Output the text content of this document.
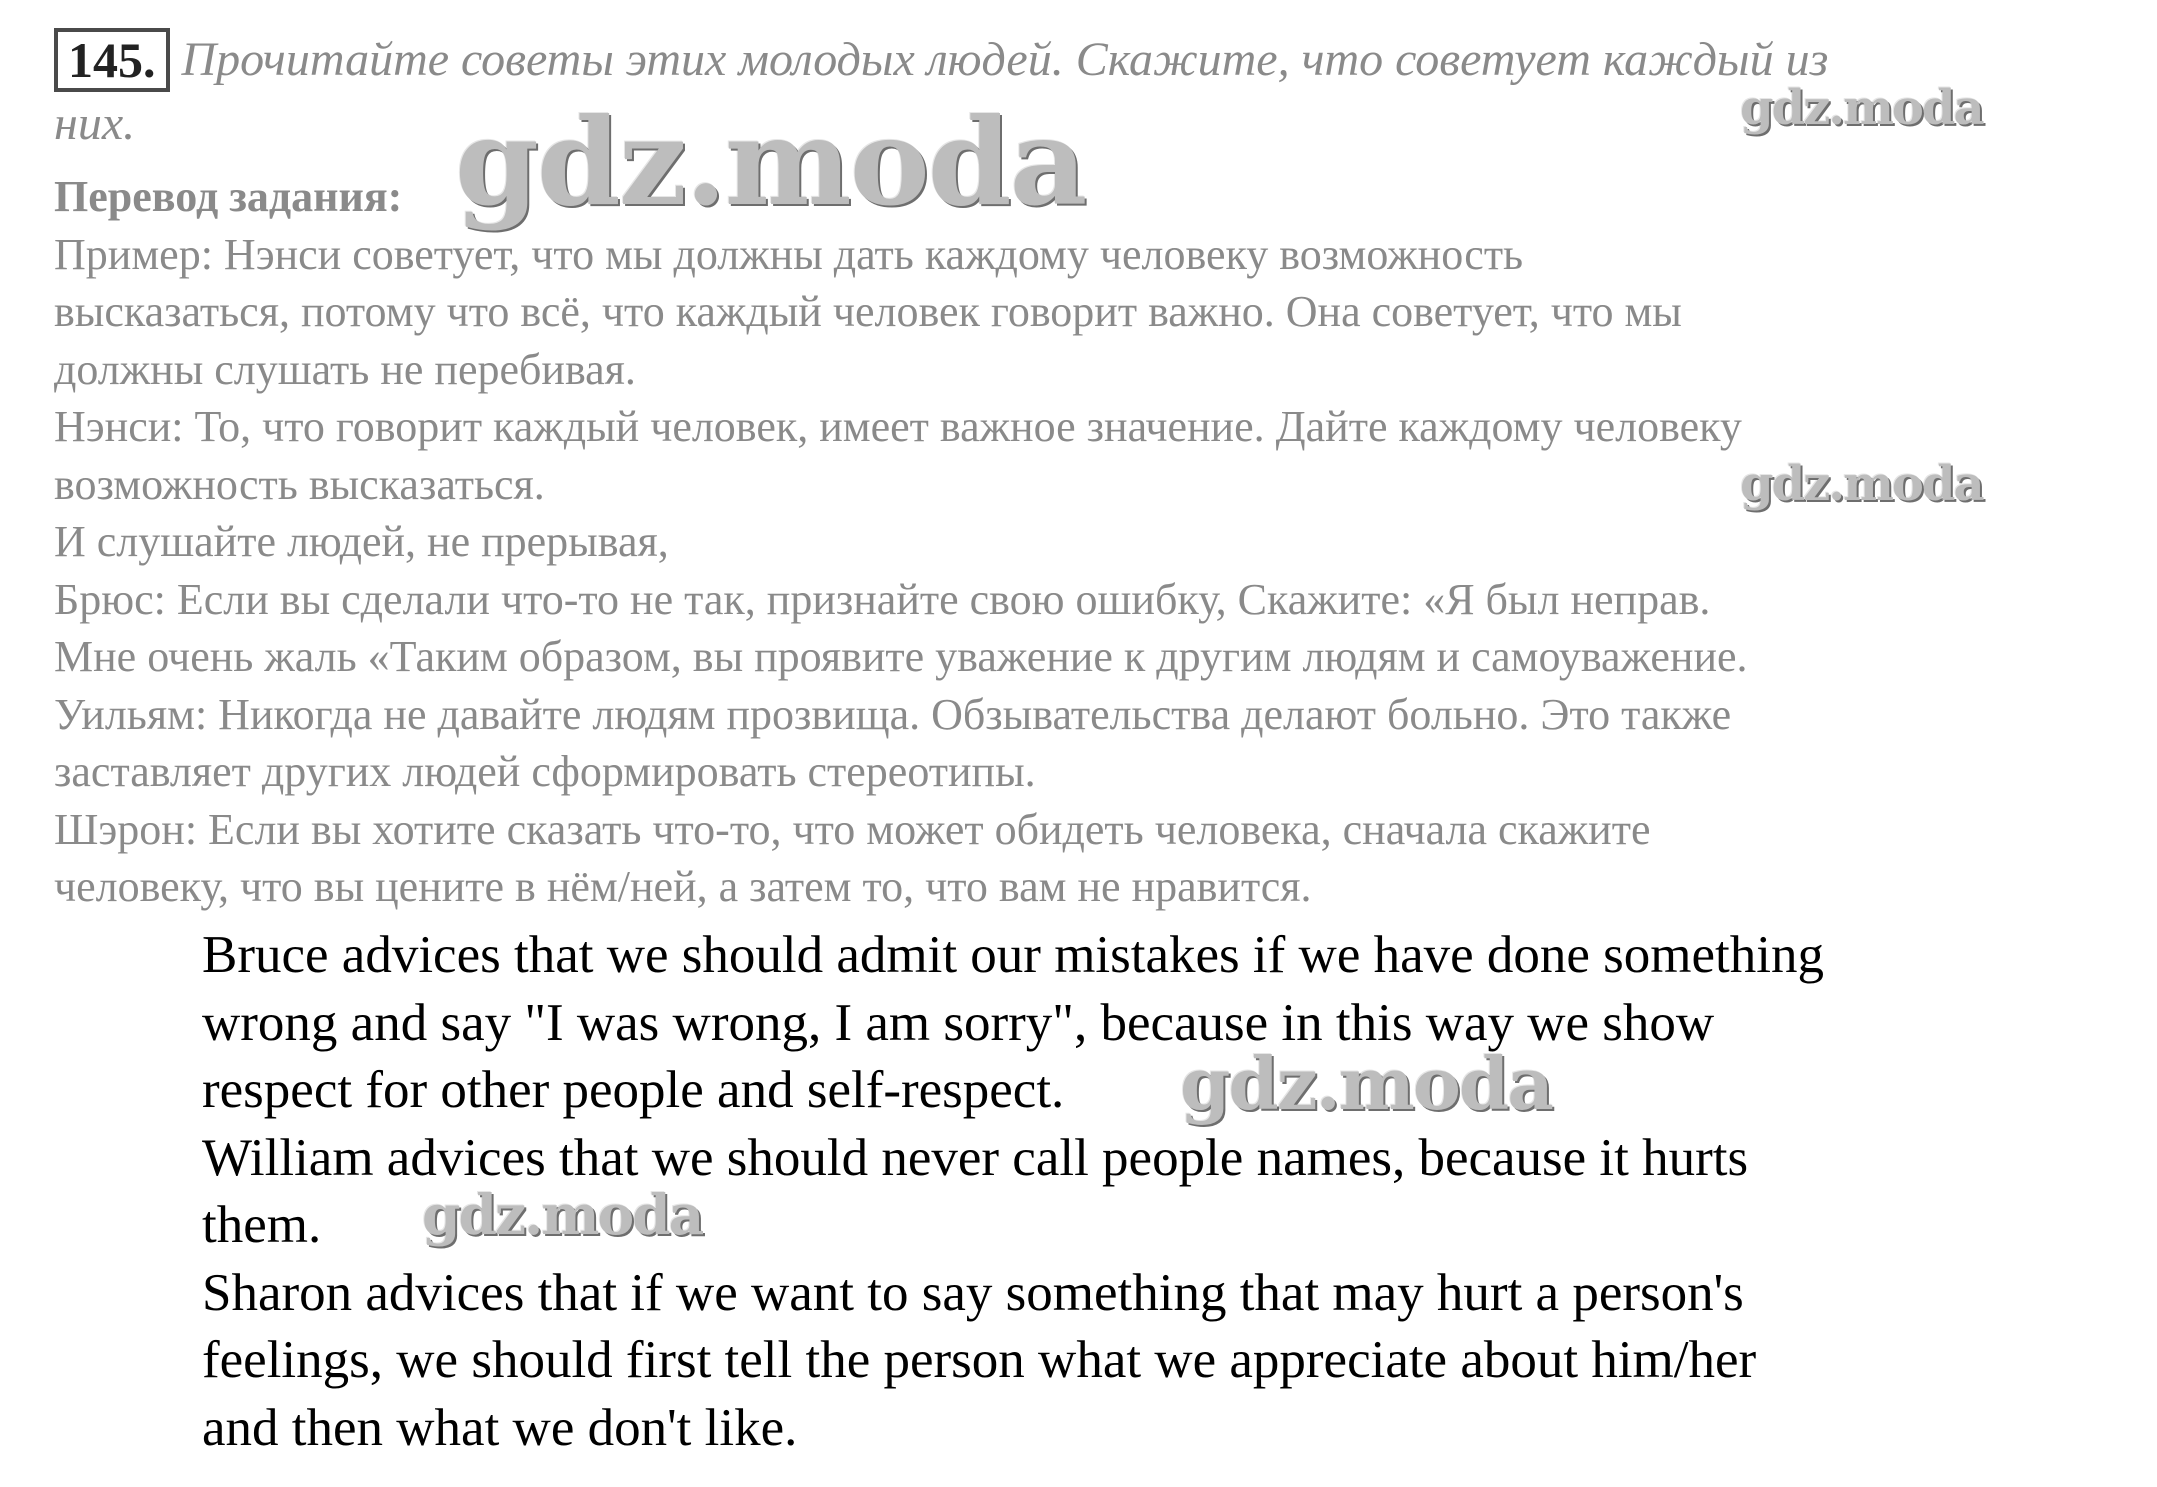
145. Прочитайте советы этих молодых людей. Скажите, что советует каждый из
них.
Перевод задания:
Пример: Нэнси советует, что мы должны дать каждому человеку возможность
высказаться, потому что всё, что каждый человек говорит важно. Она советует, что мы
должны слушать не перебивая.
Нэнси: То, что говорит каждый человек, имеет важное значение. Дайте каждому человеку
возможность высказаться.
И слушайте людей, не прерывая,
Брюс: Если вы сделали что-то не так, признайте свою ошибку, Скажите: «Я был неправ.
Мне очень жаль «Таким образом, вы проявите уважение к другим людям и самоуважение.
Уильям: Никогда не давайте людям прозвища. Обзывательства делают больно. Это также
заставляет других людей сформировать стереотипы.
Шэрон: Если вы хотите сказать что-то, что может обидеть человека, сначала скажите
человеку, что вы цените в нём/ней, а затем то, что вам не нравится.
Bruce advices that we should admit our mistakes if we have done something
wrong and say "I was wrong, I am sorry", because in this way we show
respect for other people and self-respect.
William advices that we should never call people names, because it hurts
them.
Sharon advices that if we want to say something that may hurt a person's
feelings, we should first tell the person what we appreciate about him/her
and then what we don't like.
gdz.moda	gdz.moda
gdz.moda
gdz.moda
gdz.moda
